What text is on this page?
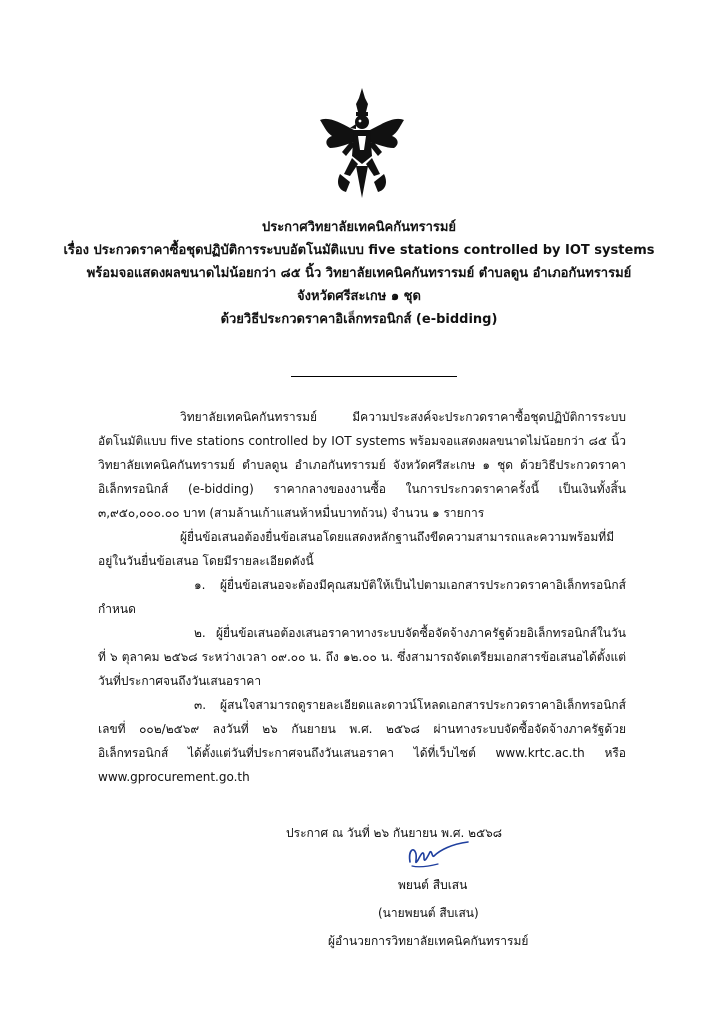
ประกาศวิทยาลัยเทคนิคกันทรารมย์
เรื่อง ประกวดราคาซื้อชุดปฏิบัติการระบบอัตโนมัติแบบ five stations controlled by IOT systems
พร้อมจอแสดงผลขนาดไม่น้อยกว่า ๘๕ นิ้ว วิทยาลัยเทคนิคกันทรารมย์ ตำบลดูน อำเภอกันทรารมย์
จังหวัดศรีสะเกษ ๑ ชุด
ด้วยวิธีประกวดราคาอิเล็กทรอนิกส์ (e-bidding)

วิทยาลัยเทคนิคกันทรารมย์ มีความประสงค์จะประกวดราคาซื้อชุดปฏิบัติการระบบอัตโนมัติแบบ five stations controlled by IOT systems พร้อมจอแสดงผลขนาดไม่น้อยกว่า ๘๕ นิ้ว วิทยาลัยเทคนิคกันทรารมย์ ตำบลดูน อำเภอกันทรารมย์ จังหวัดศรีสะเกษ ๑ ชุด ด้วยวิธีประกวดราคาอิเล็กทรอนิกส์ (e-bidding) ราคากลางของงานซื้อ ในการประกวดราคาครั้งนี้ เป็นเงินทั้งสิ้น ๓,๙๕๐,๐๐๐.๐๐ บาท (สามล้านเก้าแสนห้าหมื่นบาทถ้วน) จำนวน ๑ รายการ

ผู้ยื่นข้อเสนอต้องยื่นข้อเสนอโดยแสดงหลักฐานถึงขีดความสามารถและความพร้อมที่มีอยู่ในวันยื่นข้อเสนอ โดยมีรายละเอียดดังนี้

๑. ผู้ยื่นข้อเสนอจะต้องมีคุณสมบัติให้เป็นไปตามเอกสารประกวดราคาอิเล็กทรอนิกส์กำหนด

๒. ผู้ยื่นข้อเสนอต้องเสนอราคาทางระบบจัดซื้อจัดจ้างภาครัฐด้วยอิเล็กทรอนิกส์ในวันที่ ๖ ตุลาคม ๒๕๖๘ ระหว่างเวลา ๐๙.๐๐ น. ถึง ๑๒.๐๐ น. ซึ่งสามารถจัดเตรียมเอกสารข้อเสนอได้ตั้งแต่วันที่ประกาศจนถึงวันเสนอราคา

๓. ผู้สนใจสามารถดูรายละเอียดและดาวน์โหลดเอกสารประกวดราคาอิเล็กทรอนิกส์เลขที่ ๐๐๒/๒๕๖๙ ลงวันที่ ๒๖ กันยายน พ.ศ. ๒๕๖๘ ผ่านทางระบบจัดซื้อจัดจ้างภาครัฐด้วยอิเล็กทรอนิกส์ ได้ตั้งแต่วันที่ประกาศจนถึงวันเสนอราคา ได้ที่เว็บไซต์ www.krtc.ac.th หรือ www.gprocurement.go.th

ประกาศ ณ วันที่ ๒๖ กันยายน พ.ศ. ๒๕๖๘
พยนต์ สืบเสน
(นายพยนต์ สืบเสน)
ผู้อำนวยการวิทยาลัยเทคนิคกันทรารมย์
